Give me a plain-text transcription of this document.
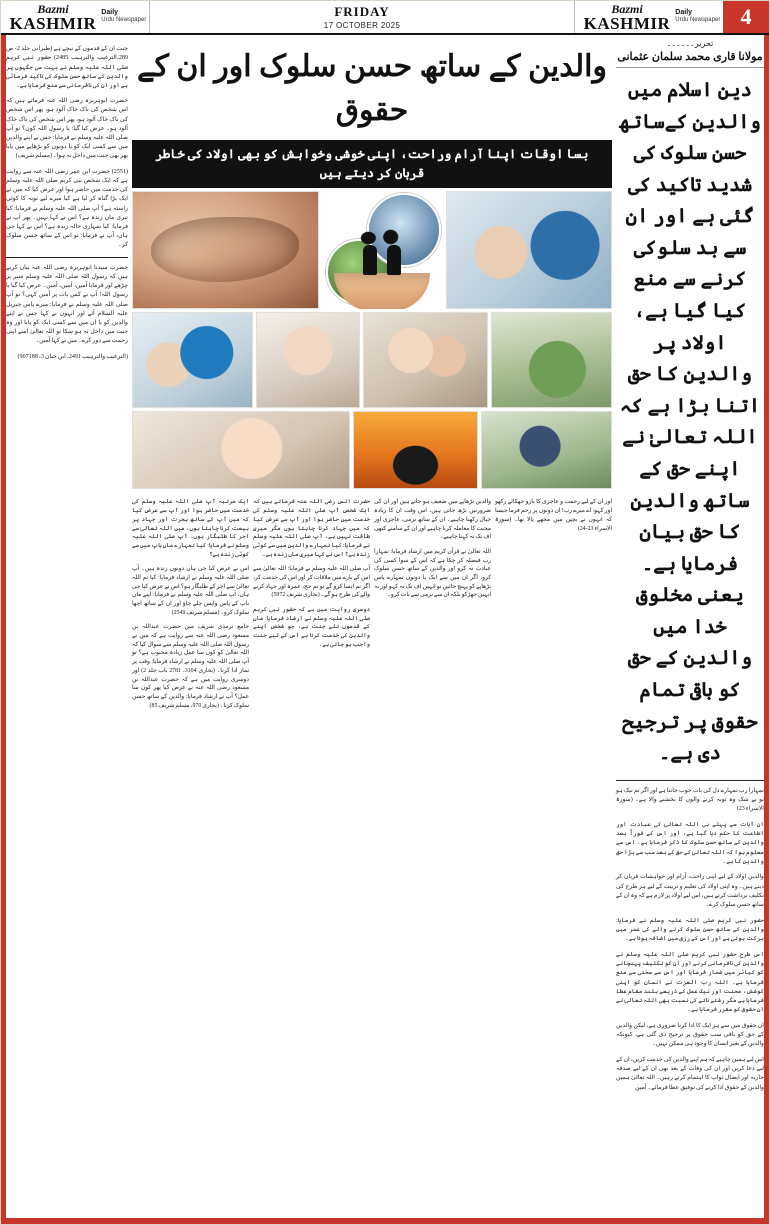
Bazmi
KASHMIR
Daily
Urdu Newspaper
FRIDAY
17 OCTOBER 2025
Bazmi
KASHMIR
Daily
Urdu Newspaper 4

جنت ان کے قدموں کے نیچے ہے (طبرانی جلد 2- ص 289،الترغیب والترہیب 2485) حضور نبی کریم صلی اللہ علیہ وسلم نے بہت سی جگہوں پر والدین کے ساتھ حسن سلوک کی تاکید فرمائی ہے اور ان کی نافرمانی سے منع فرمایا ہے۔

حضرت ابوہریرہ رضی اللہ عنہ فرماتے ہیں کہ اس شخص کی ناک خاک آلود ہو، پھر اس شخص کی ناک خاک آلود ہو، پھر اس شخص کی ناک خاک آلود ہو۔ عرض کیا گیا: یا رسول اللہ کون؟ تو آپ صلی اللہ علیہ وسلم نے فرمایا: جس نے اپنے والدین میں سے کسی ایک کو یا دونوں کو بڑھاپے میں پایا پھر بھی جنت میں داخل نہ ہوا۔ (مسلم شریف)

(2551) حضرت ابن عمر رضی اللہ عنہ سے روایت ہے کہ ایک شخص نبی کریم صلی اللہ علیہ وسلم کی خدمت میں حاضر ہوا اور عرض کیا کہ میں نے ایک بڑا گناہ کر لیا ہے کیا میرے لیے توبہ کا کوئی راستہ ہے؟ آپ صلی اللہ علیہ وسلم نے فرمایا: کیا تیری ماں زندہ ہے؟ اس نے کہا نہیں۔ پھر آپ نے فرمایا: کیا تمہاری خالہ زندہ ہے؟ اس نے کہا جی ہاں، آپ نے فرمایا: تو اس کے ساتھ حسن سلوک کر۔

حضرت سیدنا ابوہریرہ رضی اللہ عنہ بیان کرتے ہیں کہ رسول اللہ صلی اللہ علیہ وسلم منبر پر چڑھے اور فرمایا آمین، آمین، آمین۔ عرض کیا گیا یا رسول اللہ! آپ نے کس بات پر آمین کہی؟ تو آپ صلی اللہ علیہ وسلم نے فرمایا: میرے پاس جبریل علیہ السلام آئے اور انہوں نے کہا جس نے اپنے والدین کو یا ان میں سے کسی ایک کو پایا اور وہ جنت میں داخل نہ ہو سکا تو اللہ تعالیٰ اسے اپنی رحمت سے دور کرے۔ میں نے کہا آمین۔

(الترغیب والترہیب 2491، ابن حبان 3، 907188)

والدین کے ساتھ حسن سلوک اور ان کے حقوق
بسا اوقات اپنا آرام وراحت، اپنی خوشی وخواہش کو بھی اولاد کی خاطر قربان کر دیتے ہیں

ایک مرتبہ آپ صلی اللہ علیہ وسلم کی خدمت میں حاضر ہوا اور آپ سے عرض کیا کہ میں آپ کے ساتھ ہجرت اور جہاد پر بیعت کرنا چاہتا ہوں، میں اللہ تعالیٰ سے اجر کا طلبگار ہوں۔ آپ صلی اللہ علیہ وسلم نے فرمایا: کیا تمہارے ماں باپ میں سے کوئی زندہ ہے؟

اس نے عرض کیا جی ہاں دونوں زندہ ہیں۔ آپ صلی اللہ علیہ وسلم نے ارشاد فرمایا: کیا تم اللہ تعالیٰ سے اجر کے طلبگار ہو؟ اس نے عرض کیا جی ہاں، آپ صلی اللہ علیہ وسلم نے فرمایا: اپنے ماں باپ کے پاس واپس چلے جاؤ اور ان کے ساتھ اچھا سلوک کرو۔ (مسلم شریف 2549)

جامع ترمذی شریف میں حضرت عبداللہ بن مسعود رضی اللہ عنہ سے روایت ہے کہ میں نے رسول اللہ صلی اللہ علیہ وسلم سے سوال کیا کہ اللہ تعالیٰ کو کون سا عمل زیادہ محبوب ہے؟ تو آپ صلی اللہ علیہ وسلم نے ارشاد فرمایا: وقت پر نماز ادا کرنا۔ (بخاری 3104، 2781 باب جلد 2) اور دوسری روایت میں ہے کہ حضرت عبداللہ بن مسعود رضی اللہ عنہ نے عرض کیا پھر کون سا عمل؟ آپ نے ارشاد فرمایا: والدین کے ساتھ حسن سلوک کرنا۔ (بخاری 970، مسلم شریف 85)

حضرت انس رضی اللہ عنہ فرماتے ہیں کہ ایک شخص آپ صلی اللہ علیہ وسلم کی خدمت میں حاضر ہوا اور آپ سے عرض کیا کہ میں جہاد کرنا چاہتا ہوں مگر میری طاقت نہیں ہے۔ آپ صلی اللہ علیہ وسلم نے فرمایا: کیا تمہارے والدین میں سے کوئی زندہ ہے؟ اس نے کہا میری ماں زندہ ہے۔

آپ صلی اللہ علیہ وسلم نے فرمایا: اللہ تعالیٰ سے اس کے بارے میں ملاقات کر اور اس کی خدمت کر، اگر تم ایسا کرو گے تو تم حج، عمرہ اور جہاد کرنے والے کی طرح ہو گے۔ (بخاری شریف 5972)

دوسری روایت میں ہے کہ حضور نبی کریم صلی اللہ علیہ وسلم نے ارشاد فرمایا: ماں کے قدموں تلے جنت ہے، جو شخص اپنے والدین کی خدمت کرتا ہے اس کے لیے جنت واجب ہو جاتی ہے۔

والدین بڑھاپے میں ضعیف ہو جاتے ہیں اور ان کی ضرورتیں بڑھ جاتی ہیں، اس وقت ان کا زیادہ خیال رکھنا چاہیے۔ ان کے ساتھ نرمی، عاجزی اور محبت کا معاملہ کرنا چاہیے اور ان کے سامنے کبھی اف تک نہ کہنا چاہیے۔

اللہ تعالیٰ نے قرآن کریم میں ارشاد فرمایا: تمہارا رب فیصلہ کر چکا ہے کہ اس کے سوا کسی کی عبادت نہ کرو اور والدین کے ساتھ حسن سلوک کرو، اگر ان میں سے ایک یا دونوں تمہارے پاس بڑھاپے کو پہنچ جائیں تو انہیں اف تک نہ کہو اور نہ انہیں جھڑکو بلکہ ان سے نرمی سے بات کرو۔

اور ان کے لیے رحمت و عاجزی کا بازو جھکائے رکھو اور کہو: اے میرے رب! ان دونوں پر رحم فرما جیسا کہ انہوں نے بچپن میں مجھے پالا تھا۔ (سورۃ الاسراء 23-24)

تحریر۔۔۔۔۔۔
مولانا قاری محمد سلمان عثمانی
دین اسلام میں والدین کےساتھ حسن سلوک کی شدید تاکید کی گئی ہے اور ان سے بد سلوکی کرنے سے منع کیا گیا ہے، اولاد پر والدین کا حق اتنا بڑا ہے کہ اللہ تعالیٰ نے اپنے حق کے ساتھ والدین کا حق بیان فرمایا ہے۔ یعنی مخلوق خدا میں والدین کے حق کو باقی تمام حقوق پر ترجیح دی ہے۔

تمہارا رب تمہارے دل کی بات خوب جانتا ہے اور اگر تم نیک ہو تو بے شک وہ توبہ کرنے والوں کا بخشنے والا ہے۔ (سورۃ الاسراء 23)

ان آیات سے پہلے ہی اللہ تعالیٰ کی عبادت اور اطاعت کا حکم دیا گیا ہے، اور اس کے فوراً بعد والدین کے ساتھ حسن سلوک کا ذکر فرمایا ہے۔ اس سے معلوم ہوا کہ اللہ تعالیٰ کے حق کے بعد سب سے بڑا حق والدین کا ہے۔

والدین اولاد کے لیے اپنی راحت، آرام اور خواہشات قربان کر دیتے ہیں۔ وہ اپنی اولاد کی تعلیم و تربیت کے لیے ہر طرح کی تکلیف برداشت کرتے ہیں، اس لیے اولاد پر لازم ہے کہ وہ ان کے ساتھ حسن سلوک کرے۔

حضور نبی کریم صلی اللہ علیہ وسلم نے فرمایا: والدین کے ساتھ حسن سلوک کرنے والے کی عمر میں برکت ہوتی ہے اور اس کے رزق میں اضافہ ہوتا ہے۔

اس طرح حضور نبی کریم صلی اللہ علیہ وسلم نے والدین کی نافرمانی کرنے اور ان کو تکلیف پہنچانے کو کبائر میں شمار فرمایا اور اس سے سختی سے منع فرمایا ہے۔ اللہ رب العزت نے انسان کو اپنی کوشش، محنت اور نیک عمل کے ذریعے بلند مقام عطا فرمایا ہے مگر رشتے ناتے کی نسبت بھی اللہ تعالیٰ نے ان حقوق کو مقرر فرمایا ہے۔

ان حقوق میں سے ہر ایک کا ادا کرنا ضروری ہے، لیکن والدین کے حق کو باقی سب حقوق پر ترجیح دی گئی ہے، کیونکہ والدین کے بغیر انسان کا وجود ہی ممکن نہیں۔

اس لیے ہمیں چاہیے کہ ہم اپنے والدین کی خدمت کریں، ان کے لیے دعا کریں اور ان کی وفات کے بعد بھی ان کے لیے صدقہ جاریہ اور ایصال ثواب کا اہتمام کرتے رہیں۔ اللہ تعالیٰ ہمیں والدین کے حقوق ادا کرنے کی توفیق عطا فرمائے۔ آمین
